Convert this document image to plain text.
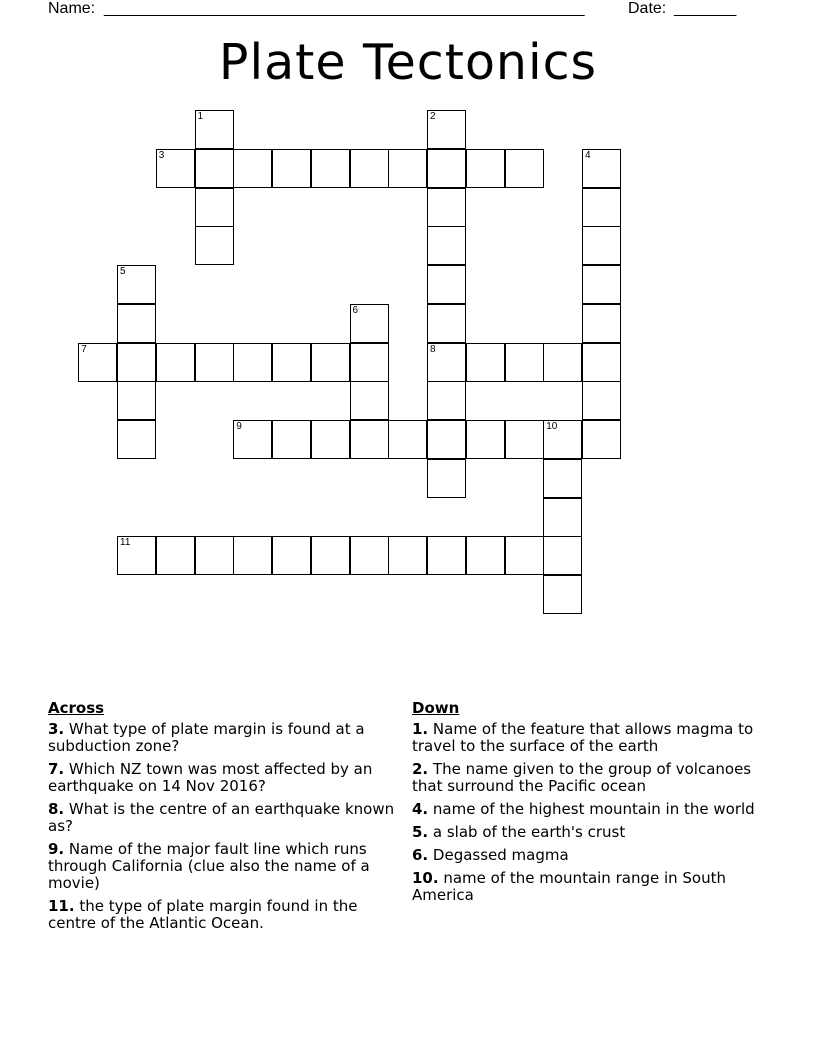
Name: ______________________________________________________	Date: _______
Plate Tectonics
1	2
3	4
5
6
7	8
9	10
11
Across
3. What type of plate margin is found at a subduction zone?
7. Which NZ town was most affected by an earthquake on 14 Nov 2016?
8. What is the centre of an earthquake known as?
9. Name of the major fault line which runs through California (clue also the name of a movie)
11. the type of plate margin found in the centre of the Atlantic Ocean.
Down
1. Name of the feature that allows magma to travel to the surface of the earth
2. The name given to the group of volcanoes that surround the Pacific ocean
4. name of the highest mountain in the world
5. a slab of the earth's crust
6. Degassed magma
10. name of the mountain range in South America
